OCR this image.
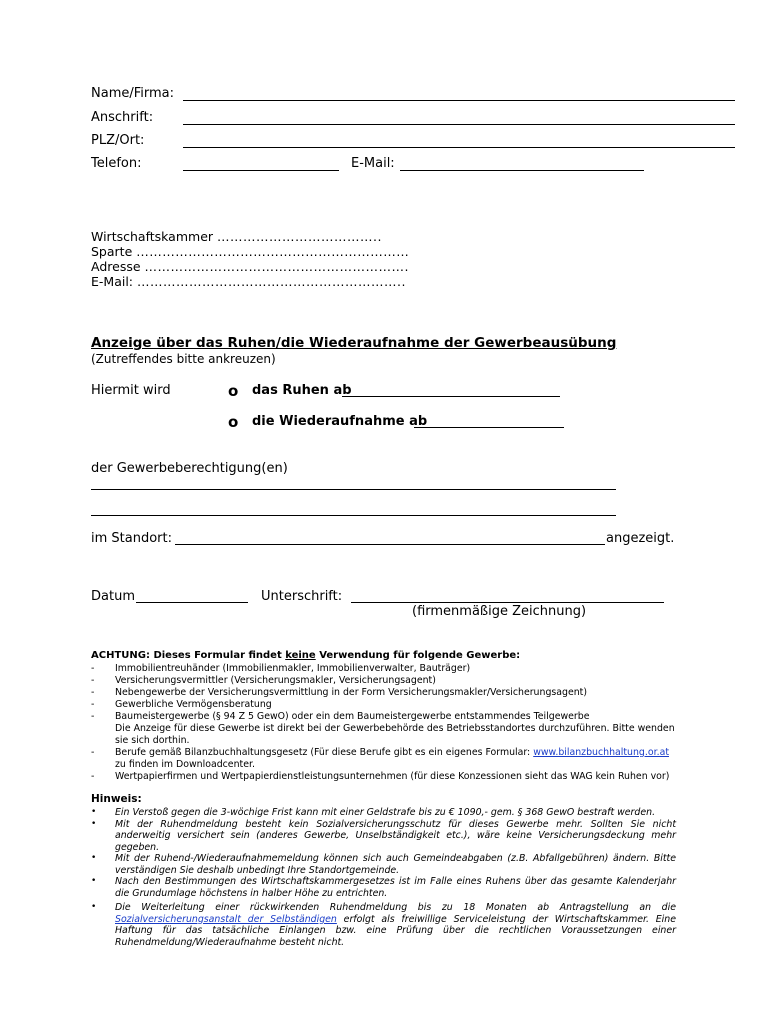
Name/Firma:
Anschrift:
PLZ/Ort:
Telefon:	E-Mail:
Wirtschaftskammer ………………………………..
Sparte ………………………………………………………
Adresse …………………………………………………….
E-Mail: ……………………………………………………..
Anzeige über das Ruhen/die Wiederaufnahme der Gewerbeausübung
(Zutreffendes bitte ankreuzen)
Hiermit wird	o das Ruhen ab
o die Wiederaufnahme ab
der Gewerbeberechtigung(en)
im Standort:	angezeigt.
Datum	Unterschrift:
(firmenmäßige Zeichnung)
ACHTUNG: Dieses Formular findet keine Verwendung für folgende Gewerbe:
- Immobilientreuhänder (Immobilienmakler, Immobilienverwalter, Bauträger)
- Versicherungsvermittler (Versicherungsmakler, Versicherungsagent)
- Nebengewerbe der Versicherungsvermittlung in der Form Versicherungsmakler/Versicherungsagent)
- Gewerbliche Vermögensberatung
- Baumeistergewerbe (§ 94 Z 5 GewO) oder ein dem Baumeistergewerbe entstammendes Teilgewerbe
Die Anzeige für diese Gewerbe ist direkt bei der Gewerbebehörde des Betriebsstandortes durchzuführen. Bitte wenden sie sich dorthin.
- Berufe gemäß Bilanzbuchhaltungsgesetz (Für diese Berufe gibt es ein eigenes Formular: www.bilanzbuchhaltung.or.at zu finden im Downloadcenter.
- Wertpapierfirmen und Wertpapierdienstleistungsunternehmen (für diese Konzessionen sieht das WAG kein Ruhen vor)
Hinweis:
• Ein Verstoß gegen die 3-wöchige Frist kann mit einer Geldstrafe bis zu € 1090,- gem. § 368 GewO bestraft werden.
• Mit der Ruhendmeldung besteht kein Sozialversicherungsschutz für dieses Gewerbe mehr. Sollten Sie nicht anderweitig versichert sein (anderes Gewerbe, Unselbständigkeit etc.), wäre keine Versicherungsdeckung mehr gegeben.
• Mit der Ruhend-/Wiederaufnahmemeldung können sich auch Gemeindeabgaben (z.B. Abfallgebühren) ändern. Bitte verständigen Sie deshalb unbedingt Ihre Standortgemeinde.
• Nach den Bestimmungen des Wirtschaftskammergesetzes ist im Falle eines Ruhens über das gesamte Kalenderjahr die Grundumlage höchstens in halber Höhe zu entrichten.
• Die Weiterleitung einer rückwirkenden Ruhendmeldung bis zu 18 Monaten ab Antragstellung an die Sozialversicherungsanstalt der Selbständigen erfolgt als freiwillige Serviceleistung der Wirtschaftskammer. Eine Haftung für das tatsächliche Einlangen bzw. eine Prüfung über die rechtlichen Voraussetzungen einer Ruhendmeldung/Wiederaufnahme besteht nicht.
